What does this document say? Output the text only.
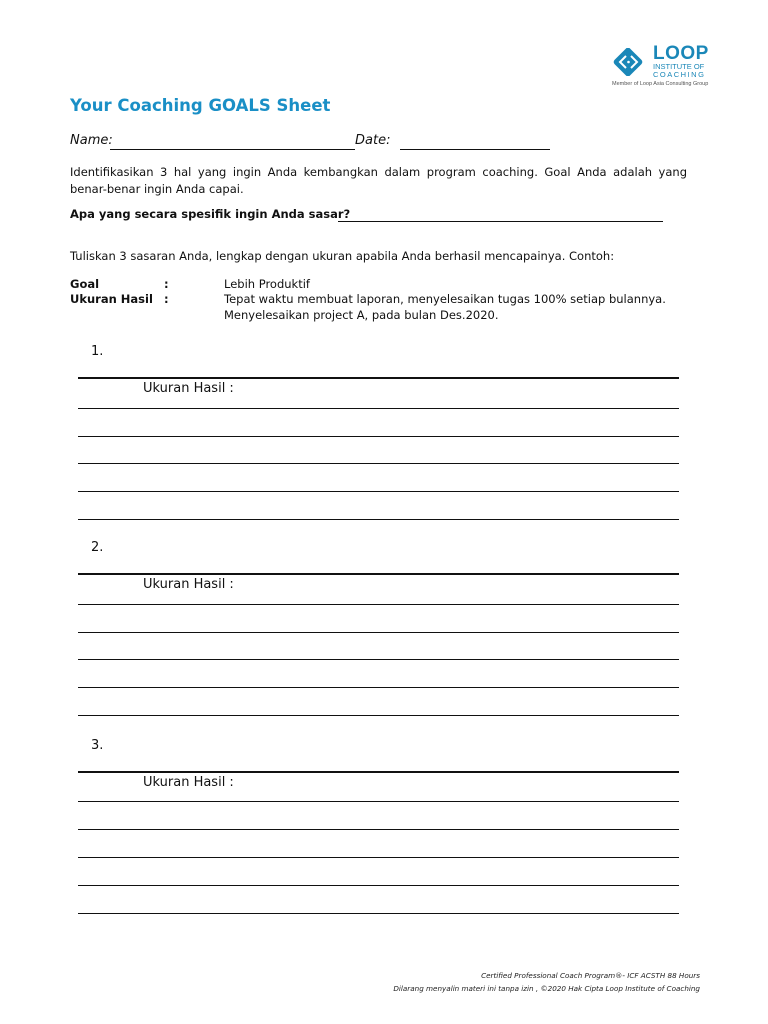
LOOP
INSTITUTE OF
COACHING
Member of Loop Asia Consulting Group
Your Coaching GOALS Sheet
Name:	Date:
Identifikasikan 3 hal yang ingin Anda kembangkan dalam program coaching. Goal Anda adalah yang benar-benar ingin Anda capai.
Apa yang secara spesifik ingin Anda sasar?
Tuliskan 3 sasaran Anda, lengkap dengan ukuran apabila Anda berhasil mencapainya. Contoh:
Goal	:	Lebih Produktif
Ukuran Hasil :	Tepat waktu membuat laporan, menyelesaikan tugas 100% setiap bulannya.
Menyelesaikan project A, pada bulan Des.2020.
1.
Ukuran Hasil :
2.
Ukuran Hasil :
3.
Ukuran Hasil :
Certified Professional Coach Program®- ICF ACSTH 88 Hours
Dilarang menyalin materi ini tanpa izin , ©2020 Hak Cipta Loop Institute of Coaching
